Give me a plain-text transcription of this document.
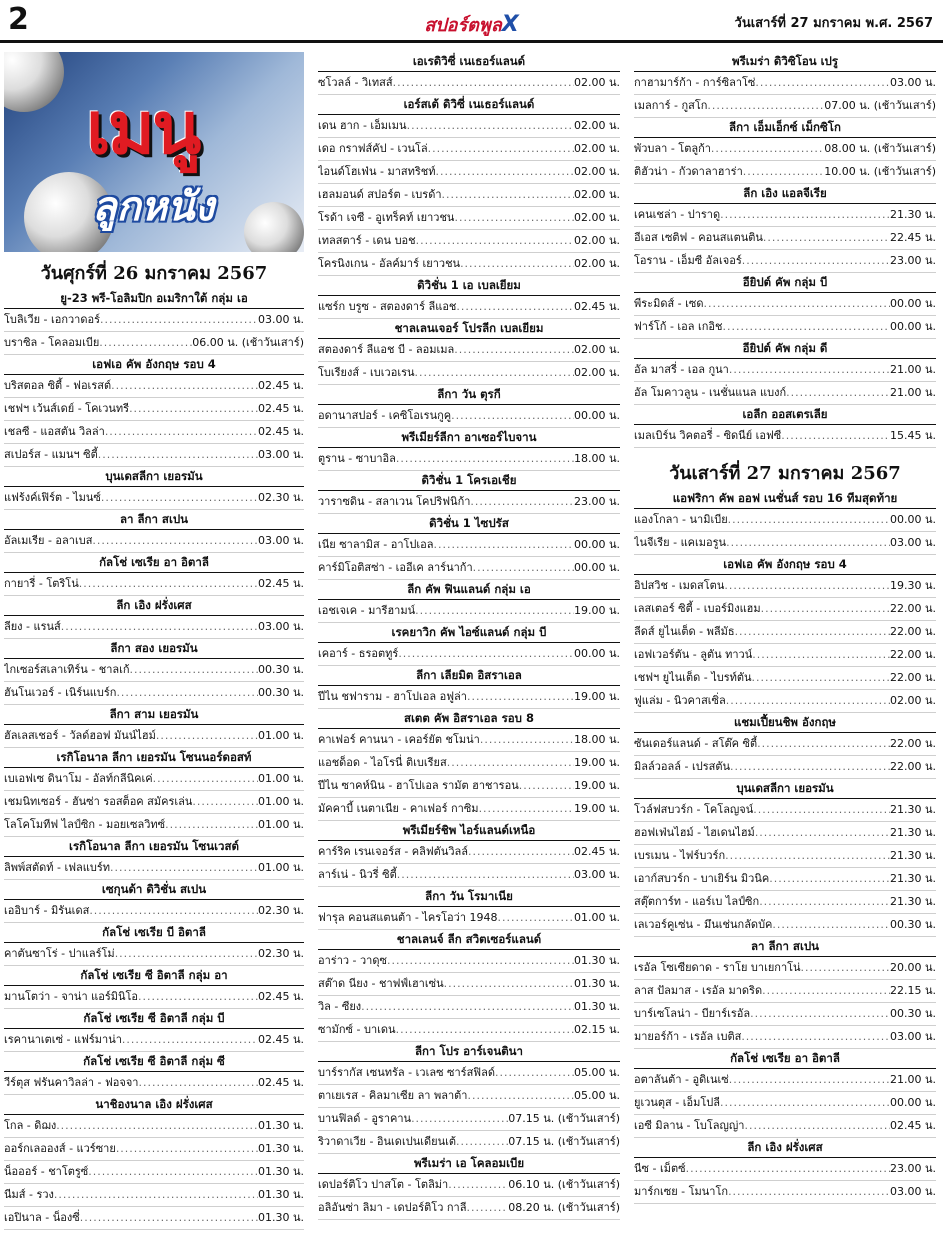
2	สปอร์ตพูลX	วันเสาร์ที่ 27 มกราคม พ.ศ. 2567
เมนู
ลูกหนัง
วันศุกร์ที่ 26 มกราคม 2567
ยู-23 พรี-โอลิมปิก อเมริกาใต้ กลุ่ม เอ
โบลิเวีย - เอกวาดอร์ .....	03.00 น.
บราซิล - โคลอมเบีย .....	06.00 น. (เช้าวันเสาร์)
เอฟเอ คัพ อังกฤษ รอบ 4
บริสตอล ซิตี้ - ฟอเรสต์ .....	02.45 น.
เชฟฯ เว้นส์เดย์ - โคเวนทรี .....	02.45 น.
เชลซี - แอสตัน วิลล่า .....	02.45 น.
สเปอร์ส - แมนฯ ซิตี้ .....	03.00 น.
บุนเดสลีกา เยอรมัน
แฟร้งค์เฟิร์ต - ไมนซ์ .....	02.30 น.
ลา ลีกา สเปน
อัลเมเรีย - อลาเบส .....	03.00 น.
กัลโช่ เซเรีย อา อิตาลี
กายารี่ - โตริโน่ .....	02.45 น.
ลีก เอิง ฝรั่งเศส
ลียง - แรนส์ .....	03.00 น.
ลีกา สอง เยอรมัน
ไกเซอร์สเลาเทิร์น - ชาลเก้ .....	00.30 น.
ฮันโนเวอร์ - เนิร์นแบร์ก .....	00.30 น.
ลีกา สาม เยอรมัน
ฮัลเลสเชอร์ - วัลด์ฮอฟ มันน์ไฮม์ .....	01.00 น.
เรกิโอนาล ลีกา เยอรมัน โซนนอร์ดอสท์
เบเอฟเซ ดินาโม - อัลท์กลีนิคเค่ .....	01.00 น.
เชมนิทเซอร์ - ฮันซ่า รอสต็อค สมัครเล่น .....	01.00 น.
โลโคโมทีฟ ไลป์ซิก - มอยเซลวิทซ์ .....	01.00 น.
เรกิโอนาล ลีกา เยอรมัน โซนเวสต์
ลิพพ์สตัดท์ - เฟลแบร์ท .....	01.00 น.
เซกุนด้า ดิวิชั่น สเปน
เออิบาร์ - มิรันเดส .....	02.30 น.
กัลโช่ เซเรีย บี อิตาลี
คาตันซาโร่ - ปาแลร์โม่ .....	02.30 น.
กัลโช่ เซเรีย ซี อิตาลี กลุ่ม อา
มานโตว่า - จาน่า แอร์มินิโอ .....	02.45 น.
กัลโช่ เซเรีย ซี อิตาลี กลุ่ม บี
เรคานาเตเซ่ - แฟร์มาน่า .....	02.45 น.
กัลโช่ เซเรีย ซี อิตาลี กลุ่ม ซี
วีร์ตุส ฟรันคาวิลล่า - ฟอจจา .....	02.45 น.
นาชิองนาล เอิง ฝรั่งเศส
โกล - ดิฌง .....	01.30 น.
ออร์กเลอองส์ - แวร์ซาย .....	01.30 น.
น็อออร์ - ชาโตรูซ์ .....	01.30 น.
นีมส์ - รวง .....	01.30 น.
เอปินาล - น็องซี่ .....	01.30 น.
เอเรดิวิซี่ เนเธอร์แลนด์
ซโวลล์ - วิเทสส์ .....	02.00 น.
เอร์สเต้ ดิวิซี่ เนเธอร์แลนด์
เดน ฮาก - เอ็มเมน .....	02.00 น.
เดอ กราฟส์คัป - เวนโล่ .....	02.00 น.
ไอนด์โฮเฟ่น - มาสทริชท์ .....	02.00 น.
เฮลมอนด์ สปอร์ต - เบรด้า .....	02.00 น.
โรด้า เจซี - อูเทร็คท์ เยาวชน .....	02.00 น.
เทลสตาร์ - เดน บอช .....	02.00 น.
โครนิงเกน - อัลค์มาร์ เยาวชน .....	02.00 น.
ดิวิชั่น 1 เอ เบลเยียม
แซร์ก บรูซ - สตองดาร์ ลีแอช .....	02.45 น.
ชาลเลนเจอร์ โปรลีก เบลเยียม
สตองดาร์ ลีแอช บี - ลอมเมล .....	02.00 น.
โบเรียงส์ - เบเวอเรน .....	02.00 น.
ลีกา วัน ตุรกี
อดานาสปอร์ - เคซิโอเรนกูคู .....	00.00 น.
พรีเมียร์ลีกา อาเซอร์ไบจาน
ตูราน - ซาบาอิล .....	18.00 น.
ดิวิชั่น 1 โครเอเชีย
วาราซดิน - สลาเวน โคปริฟนิก้า .....	23.00 น.
ดิวิชั่น 1 ไซปรัส
เนีย ซาลามิส - อาโปเอล .....	00.00 น.
คาร์มิโอติสซ่า - เออีเค ลาร์นาก้า .....	00.00 น.
ลีก คัพ ฟินแลนด์ กลุ่ม เอ
เอชเจเค - มารีฮามน์ .....	19.00 น.
เรคยาวิก คัพ ไอซ์แลนด์ กลุ่ม บี
เคอาร์ - ธรอตทูร์ .....	00.00 น.
ลีกา เลียมิต อิสราเอล
ปีไน ชฟาราม - ฮาโปเอล อฟูล่า .....	19.00 น.
สเตต คัพ อิสราเอล รอบ 8
คาเฟอร์ คานนา - เคอร์ยัต ชโมน่า .....	18.00 น.
แอชด็อด - ไอโรนี่ ติเบเรียส .....	19.00 น.
ปีไน ซาคห์นิน - ฮาโปเอล รามัต ฮาชารอน .....	19.00 น.
มัคคาบี้ เนตาเนีย - คาเฟอร์ กาซิม .....	19.00 น.
พรีเมียร์ชิพ ไอร์แลนด์เหนือ
คาร์ริค เรนเจอร์ส - คลิฟตันวิลล์ .....	02.45 น.
ลาร์เน่ - นิวรี่ ซิตี้ .....	03.00 น.
ลีกา วัน โรมาเนีย
ฟารุล คอนสแตนต้า - ไครโอว่า 1948 .....	01.00 น.
ชาลเลนจ์ ลีก สวิตเซอร์แลนด์
อาร่าว - วาดุซ .....	01.30 น.
สต๊าด นียง - ชาฟฟ์เฮาเซ่น .....	01.30 น.
วิล - ซียง .....	01.30 น.
ซามักซ์ - บาเดน .....	02.15 น.
ลีกา โปร อาร์เจนตินา
บาร์รากัส เซนทรัล - เวเลซ ซาร์สฟิลด์ .....	05.00 น.
ตาเยเรส - คิลมาเซีย ลา พลาต้า .....	05.00 น.
บานฟิลด์ - อูราคาน .....	07.15 น. (เช้าวันเสาร์)
ริวาดาเวีย - อินเดเปนเดียนเต้ .....	07.15 น. (เช้าวันเสาร์)
พรีเมร่า เอ โคลอมเบีย
เดปอร์ติโว ปาสโต - โตลิม่า .....	06.10 น. (เช้าวันเสาร์)
อลิอันซ่า ลิมา - เดปอร์ติโว กาลี .....	08.20 น. (เช้าวันเสาร์)
พรีเมร่า ดิวิซิโอน เปรู
กาฮามาร์ก้า - การ์ซิลาโซ่ .....	03.00 น.
เมลการ์ - กูสโก .....	07.00 น. (เช้าวันเสาร์)
ลีกา เอ็มเอ็กซ์ เม็กซิโก
พัวบลา - โตลูก้า .....	08.00 น. (เช้าวันเสาร์)
ติฮัวน่า - กัวดาลาฮาร่า .....	10.00 น. (เช้าวันเสาร์)
ลีก เอิง แอลจีเรีย
เคนเชล่า - ปาราดู .....	21.30 น.
อีเอส เซติฟ - คอนสแตนติน .....	22.45 น.
โอราน - เอ็มซี อัลเจอร์ .....	23.00 น.
อียิปต์ คัพ กลุ่ม บี
พีระมิดส์ - เซด .....	00.00 น.
ฟาร์โก้ - เอล เกอิช .....	00.00 น.
อียิปต์ คัพ กลุ่ม ดี
อัล มาสรี่ - เอล กูนา .....	21.00 น.
อัล โมคาวลูน - เนชั่นแนล แบงก์ .....	21.00 น.
เอลีก ออสเตรเลีย
เมลเบิร์น วิคตอรี่ - ซิดนีย์ เอฟซี .....	15.45 น.
วันเสาร์ที่ 27 มกราคม 2567
แอฟริกา คัพ ออฟ เนชั่นส์ รอบ 16 ทีมสุดท้าย
แองโกลา - นามิเบีย .....	00.00 น.
ไนจีเรีย - แคเมอรูน .....	03.00 น.
เอฟเอ คัพ อังกฤษ รอบ 4
อิปสวิช - เมดสโตน .....	19.30 น.
เลสเตอร์ ซิตี้ - เบอร์มิงแฮม .....	22.00 น.
ลีดส์ ยูไนเต็ด - พลีมัธ .....	22.00 น.
เอฟเวอร์ตัน - ลูตัน ทาวน์ .....	22.00 น.
เชฟฯ ยูไนเต็ด - ไบรท์ตัน .....	22.00 น.
ฟูแล่ม - นิวคาสเซิ่ล .....	02.00 น.
แชมเปี้ยนชิพ อังกฤษ
ซันเดอร์แลนด์ - สโต๊ค ซิตี้ .....	22.00 น.
มิลล์วอลล์ - เปรสตัน .....	22.00 น.
บุนเดสลีกา เยอรมัน
โวล์ฟสบวร์ก - โคโลญจน์ .....	21.30 น.
ฮอฟเฟ่นไฮม์ - ไฮเดนไฮม์ .....	21.30 น.
เบรเมน - ไฟร์บวร์ก .....	21.30 น.
เอาก์สบวร์ก - บาเยิร์น มิวนิค .....	21.30 น.
สตุ๊ตการ์ท - แอร์เบ ไลป์ซิก .....	21.30 น.
เลเวอร์คูเซ่น - มึนเช่นกลัดบัค .....	00.30 น.
ลา ลีกา สเปน
เรอัล โซเซียดาด - ราโย บาเยกาโน่ .....	20.00 น.
ลาส ปัลมาส - เรอัล มาดริด .....	22.15 น.
บาร์เซโลน่า - บียาร์เรอัล .....	00.30 น.
มายอร์ก้า - เรอัล เบติส .....	03.00 น.
กัลโช่ เซเรีย อา อิตาลี
อตาลันต้า - อูดิเนเซ่ .....	21.00 น.
ยูเวนตุส - เอ็มโปลี .....	00.00 น.
เอซี มิลาน - โบโลญญ่า .....	02.45 น.
ลีก เอิง ฝรั่งเศส
นีซ - เม็ตซ์ .....	23.00 น.
มาร์กเซย - โมนาโก .....	03.00 น.
